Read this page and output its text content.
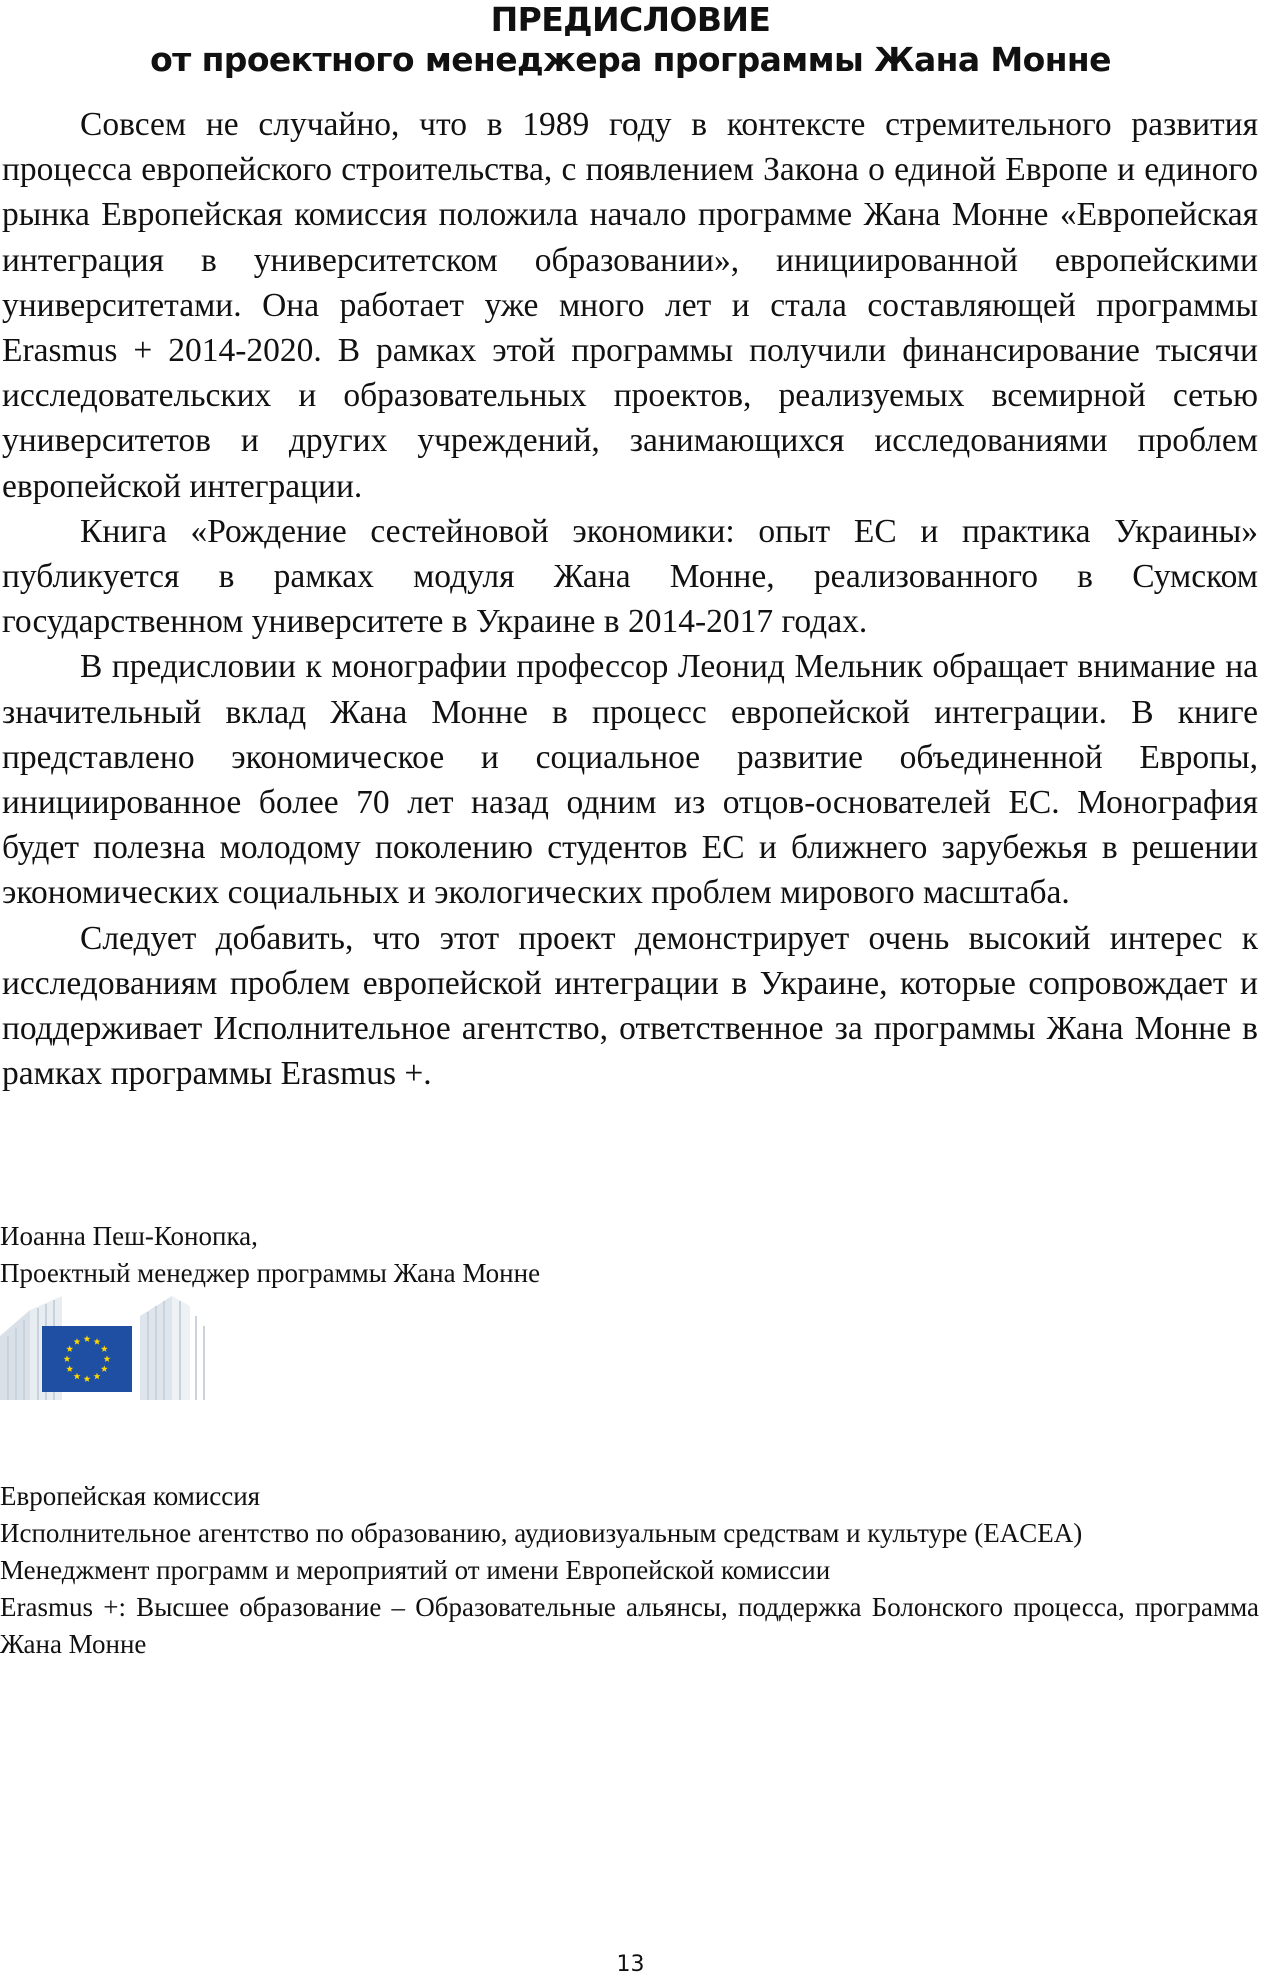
ПРЕДИСЛОВИЕ
от проектного менеджера программы Жана Монне

Совсем не случайно, что в 1989 году в контексте стремительного развития процесса европейского строительства, с появлением Закона о единой Европе и единого рынка Европейская комиссия положила начало программе Жана Монне «Европейская интеграция в университетском образовании», инициированной европейскими университетами. Она работает уже много лет и стала составляющей программы Erasmus + 2014-2020. В рамках этой программы получили финансирование тысячи исследовательских и образовательных проектов, реализуемых всемирной сетью университетов и других учреждений, занимающихся исследованиями проблем европейской интеграции.

Книга «Рождение сестейновой экономики: опыт ЕС и практика Украины» публикуется в рамках модуля Жана Монне, реализованного в Сумском государственном университете в Украине в 2014-2017 годах.

В предисловии к монографии профессор Леонид Мельник обращает внимание на значительный вклад Жана Монне в процесс европейской интеграции. В книге представлено экономическое и социальное развитие объединенной Европы, инициированное более 70 лет назад одним из отцов-основателей ЕС. Монография будет полезна молодому поколению студентов ЕС и ближнего зарубежья в решении экономических социальных и экологических проблем мирового масштаба.

Следует добавить, что этот проект демонстрирует очень высокий интерес к исследованиям проблем европейской интеграции в Украине, которые сопровождает и поддерживает Исполнительное агентство, ответственное за программы Жана Монне в рамках программы Erasmus +.

Иоанна Пеш-Конопка,
Проектный менеджер программы Жана Монне
Европейская комиссия
Исполнительное агентство по образованию, аудиовизуальным средствам и культуре (EACEA)
Менеджмент программ и мероприятий от имени Европейской комиссии
Erasmus +: Высшее образование – Образовательные альянсы, поддержка Болонского процесса, программа Жана Монне
13
